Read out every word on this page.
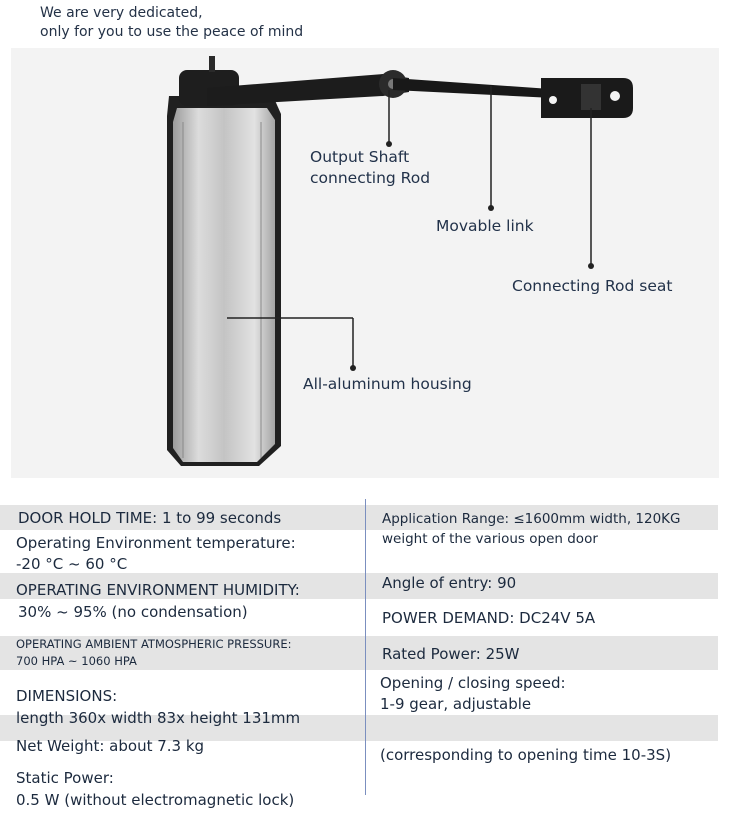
We are very dedicated,
only for you to use the peace of mind
Output Shaft
connecting Rod
Movable link
Connecting Rod seat
All-aluminum housing
DOOR HOLD TIME: 1 to 99 seconds
Operating Environment temperature:
-20 °C ~ 60 °C
OPERATING ENVIRONMENT HUMIDITY:
30% ~ 95% (no condensation)
OPERATING AMBIENT ATMOSPHERIC PRESSURE:
700 HPA ~ 1060 HPA
DIMENSIONS:
length 360x width 83x height 131mm
Net Weight: about 7.3 kg
Static Power:
0.5 W (without electromagnetic lock)
Application Range: ≤1600mm width, 120KG
weight of the various open door
Angle of entry: 90
POWER DEMAND: DC24V 5A
Rated Power: 25W
Opening / closing speed:
1-9 gear, adjustable
(corresponding to opening time 10-3S)
